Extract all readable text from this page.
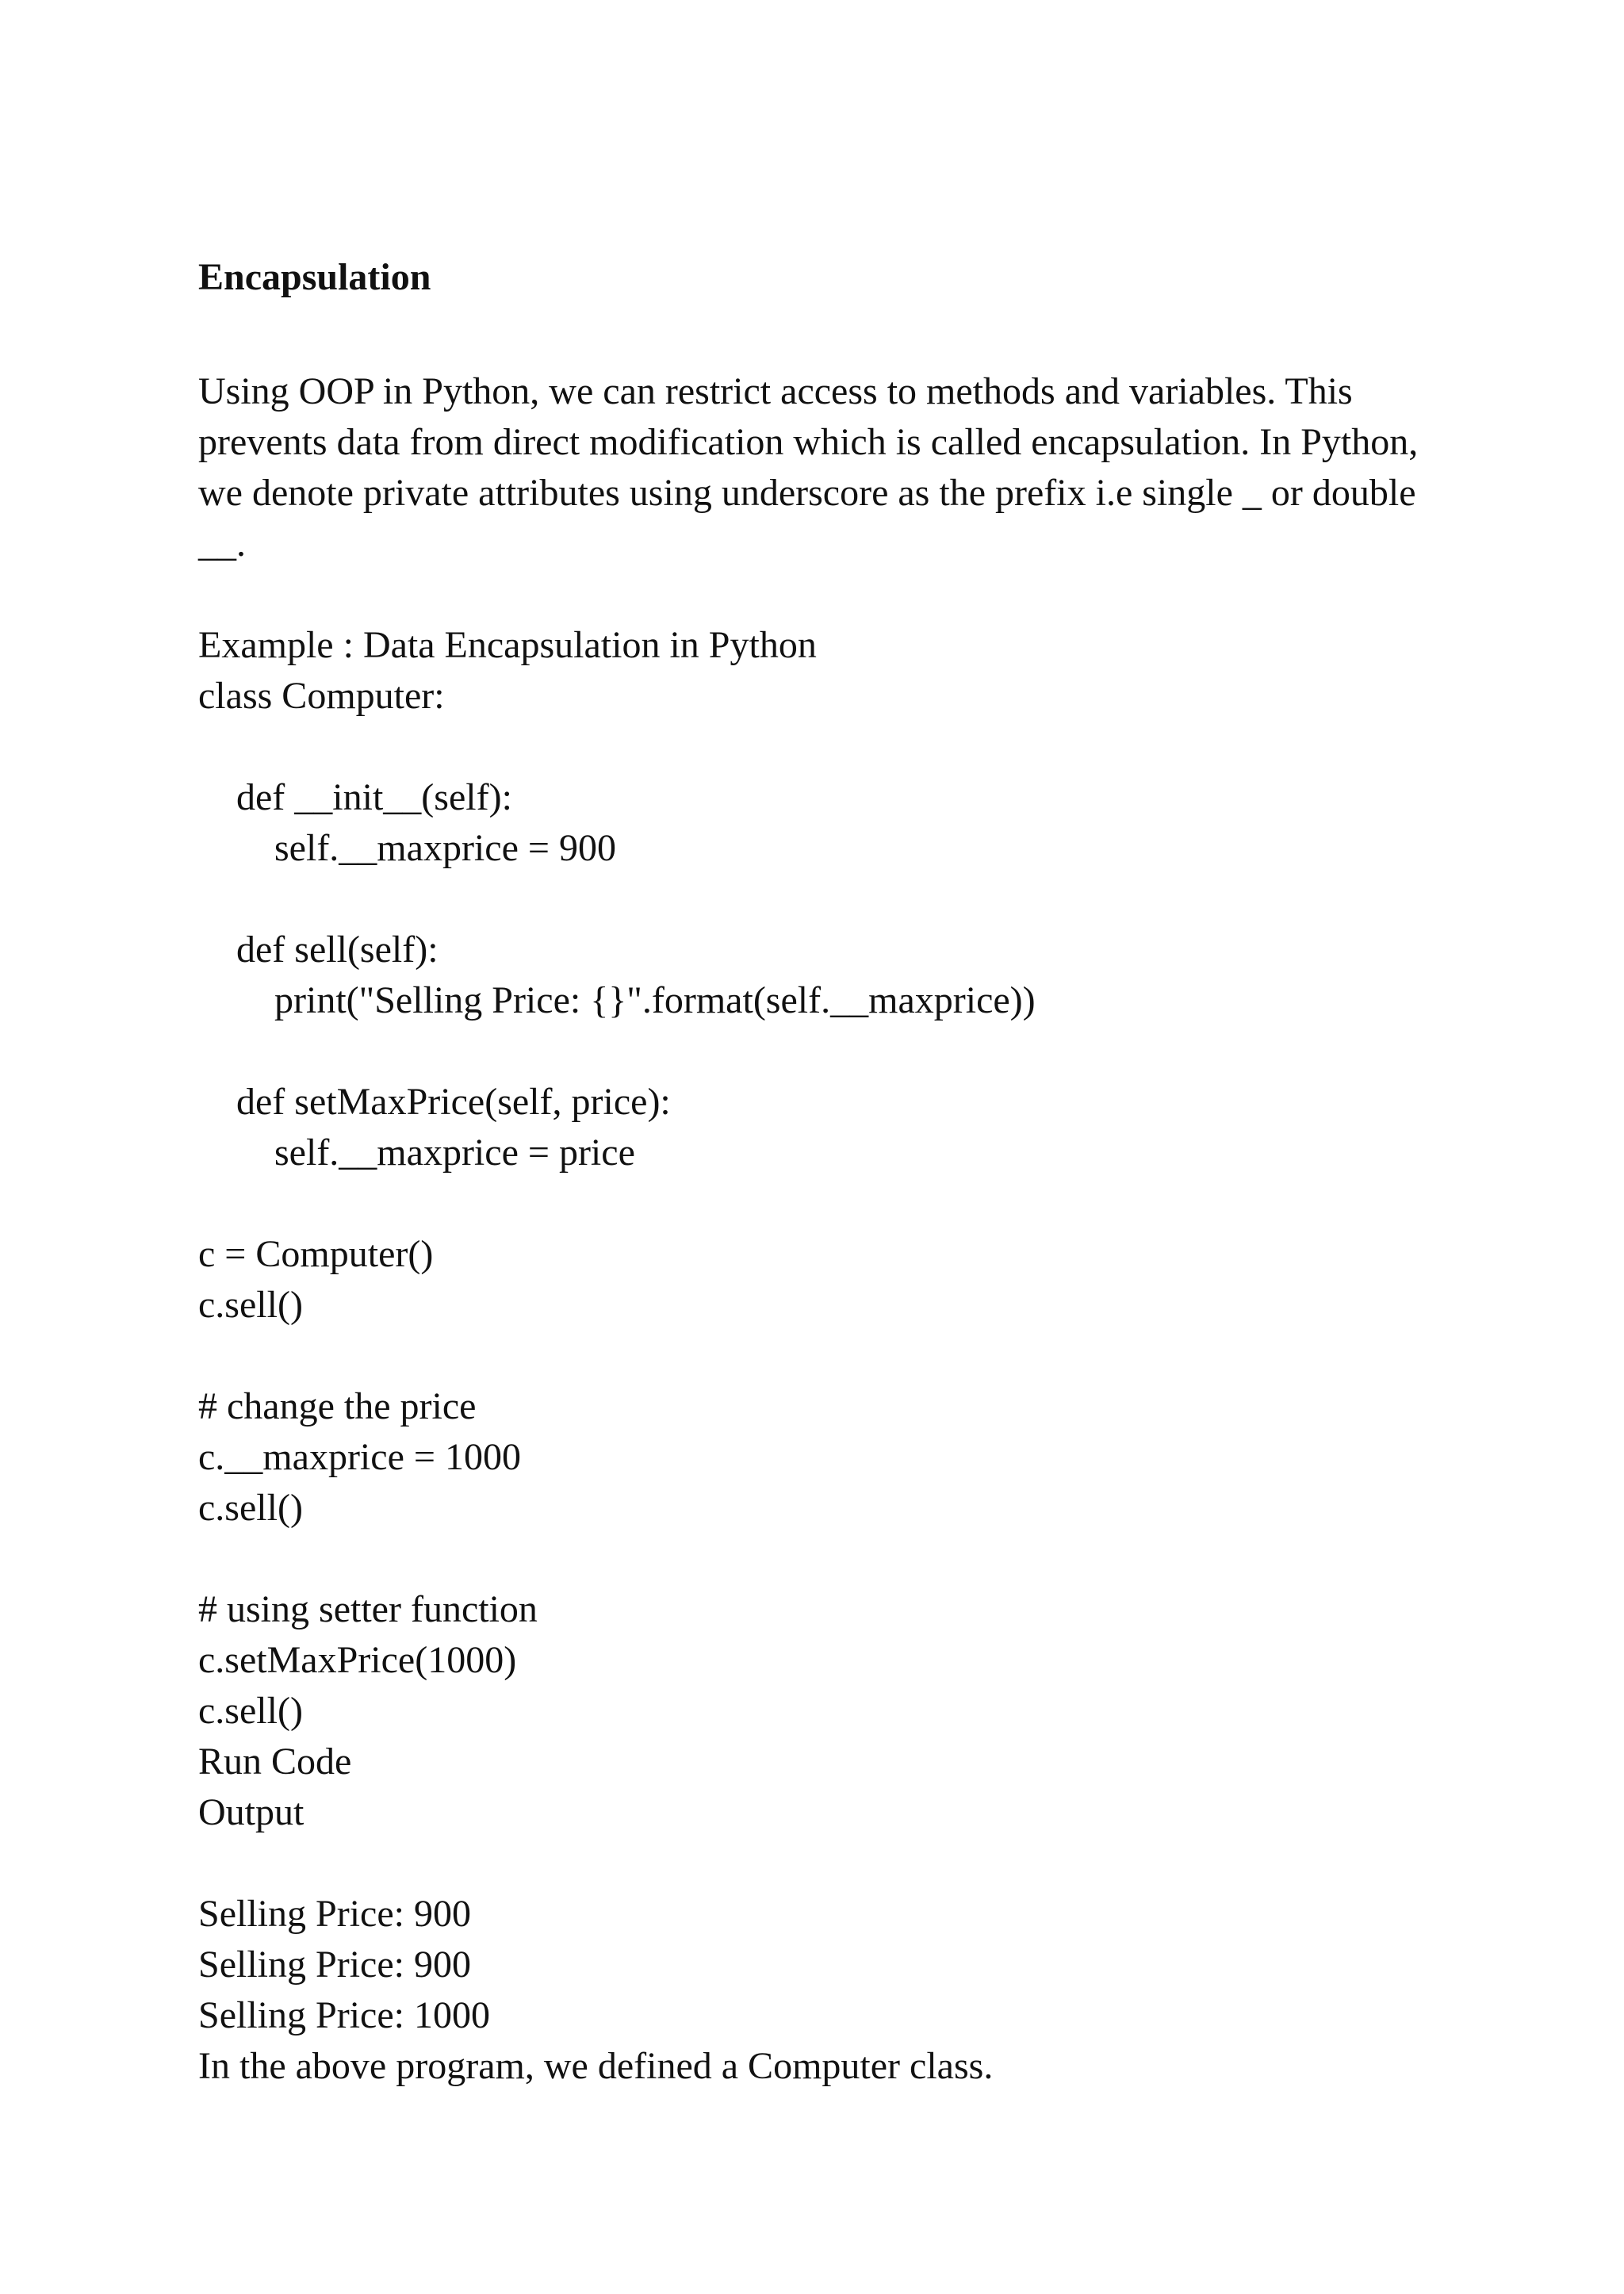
Encapsulation
Using OOP in Python, we can restrict access to methods and variables. This
prevents data from direct modification which is called encapsulation. In Python,
we denote private attributes using underscore as the prefix i.e single _ or double
__.
Example : Data Encapsulation in Python
class Computer:
def __init__(self):
self.__maxprice = 900
def sell(self):
print("Selling Price: {}".format(self.__maxprice))
def setMaxPrice(self, price):
self.__maxprice = price
c = Computer()
c.sell()
# change the price
c.__maxprice = 1000
c.sell()
# using setter function
c.setMaxPrice(1000)
c.sell()
Run Code
Output
Selling Price: 900
Selling Price: 900
Selling Price: 1000
In the above program, we defined a Computer class.
